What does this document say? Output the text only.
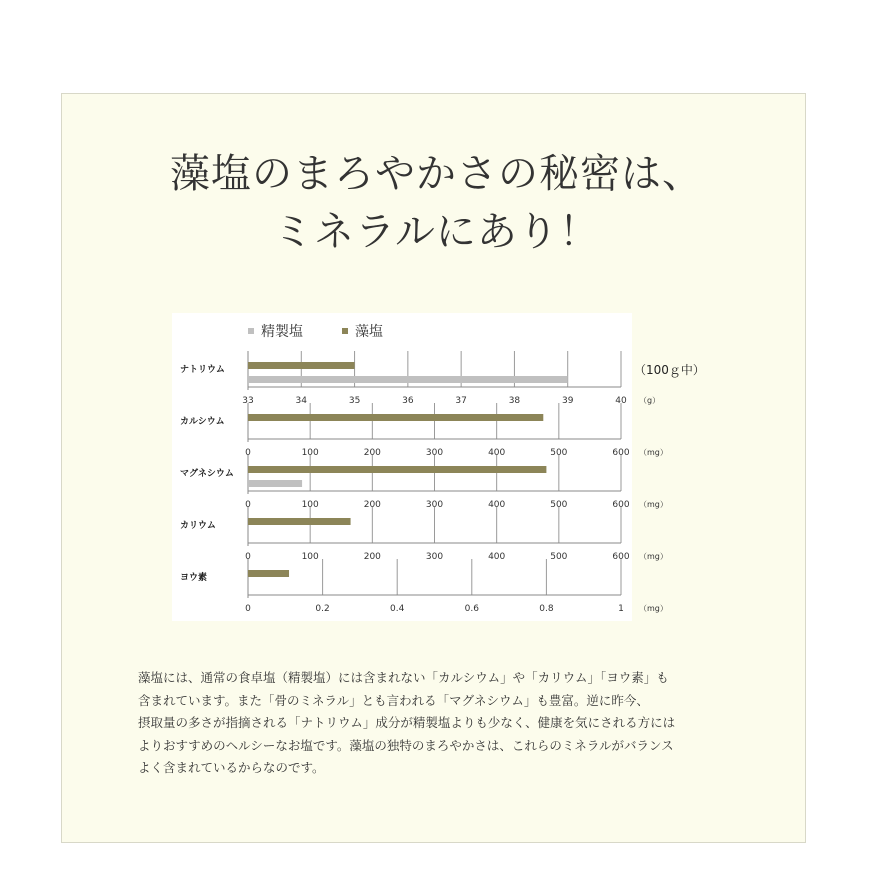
藻塩のまろやかさの秘密は、
ミネラルにあり！
精製塩	藻塩
（100ｇ中）
ナトリウム
33	34	35	36	37	38	39	40 （g）
カルシウム
0	100	200	300	400	500	600 （mg）
マグネシウム
0	100	200	300	400	500	600 （mg）
カリウム
0	100	200	300	400	500	600 （mg）
ヨウ素
0	0.2	0.4	0.6	0.8	1 （mg）
藻塩には、通常の食卓塩（精製塩）には含まれない「カルシウム」や「カリウム」「ヨウ素」も
含まれています。また「骨のミネラル」とも言われる「マグネシウム」も豊富。逆に昨今、
摂取量の多さが指摘される「ナトリウム」成分が精製塩よりも少なく、健康を気にされる方には
よりおすすめのヘルシーなお塩です。藻塩の独特のまろやかさは、これらのミネラルがバランス
よく含まれているからなのです。
